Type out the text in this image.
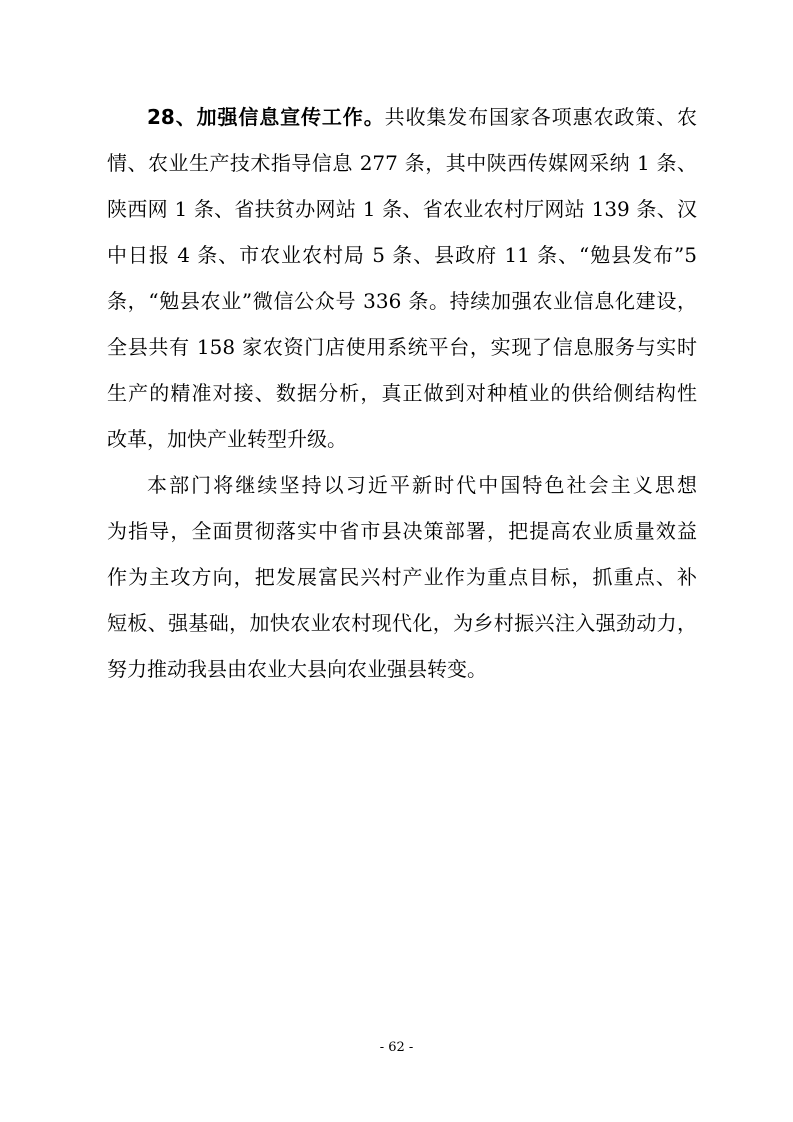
28、加强信息宣传工作。共收集发布国家各项惠农政策、农
情、农业生产技术指导信息 277 条，其中陕西传媒网采纳 1 条、
陕西网 1 条、省扶贫办网站 1 条、省农业农村厅网站 139 条、汉
中日报 4 条、市农业农村局 5 条、县政府 11 条、“勉县发布”5
条，“勉县农业”微信公众号 336 条。持续加强农业信息化建设，
全县共有 158 家农资门店使用系统平台，实现了信息服务与实时
生产的精准对接、数据分析，真正做到对种植业的供给侧结构性
改革，加快产业转型升级。
本部门将继续坚持以习近平新时代中国特色社会主义思想
为指导，全面贯彻落实中省市县决策部署，把提高农业质量效益
作为主攻方向，把发展富民兴村产业作为重点目标，抓重点、补
短板、强基础，加快农业农村现代化，为乡村振兴注入强劲动力，
努力推动我县由农业大县向农业强县转变。
- 62 -
